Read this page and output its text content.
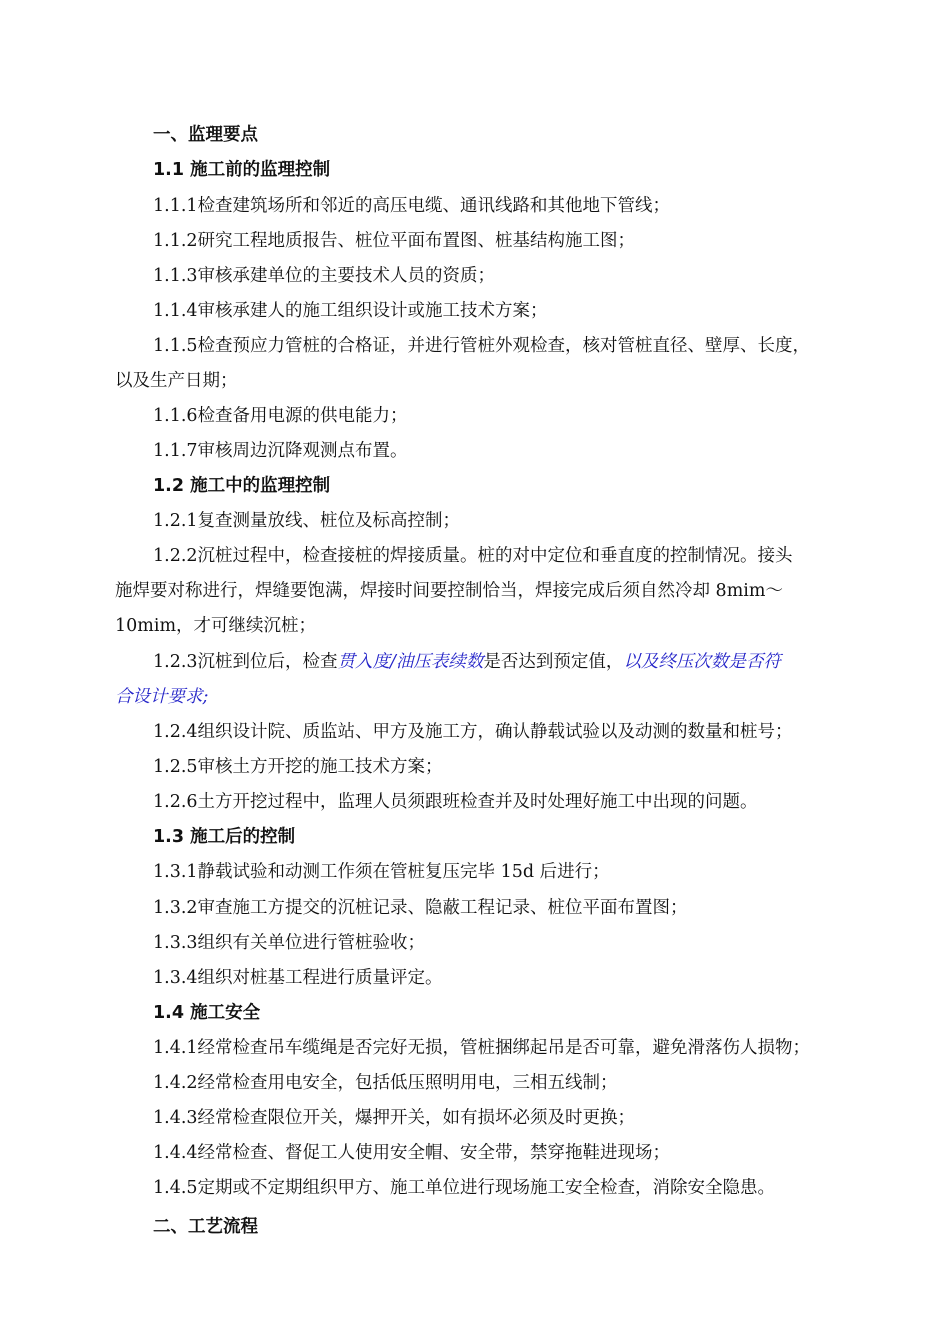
一、监理要点
1.1 施工前的监理控制
1.1.1检查建筑场所和邻近的高压电缆、通讯线路和其他地下管线；
1.1.2研究工程地质报告、桩位平面布置图、桩基结构施工图；
1.1.3审核承建单位的主要技术人员的资质；
1.1.4审核承建人的施工组织设计或施工技术方案；
1.1.5检查预应力管桩的合格证，并进行管桩外观检查，核对管桩直径、壁厚、长度，
以及生产日期；
1.1.6检查备用电源的供电能力；
1.1.7审核周边沉降观测点布置。
1.2 施工中的监理控制
1.2.1复查测量放线、桩位及标高控制；
1.2.2沉桩过程中，检查接桩的焊接质量。桩的对中定位和垂直度的控制情况。接头
施焊要对称进行，焊缝要饱满，焊接时间要控制恰当，焊接完成后须自然冷却 8mim～
10mim，才可继续沉桩；
1.2.3沉桩到位后，检查贯入度/油压表续数是否达到预定值，以及终压次数是否符
合设计要求;
1.2.4组织设计院、质监站、甲方及施工方，确认静载试验以及动测的数量和桩号；
1.2.5审核土方开挖的施工技术方案；
1.2.6土方开挖过程中，监理人员须跟班检查并及时处理好施工中出现的问题。
1.3 施工后的控制
1.3.1静载试验和动测工作须在管桩复压完毕 15d 后进行；
1.3.2审查施工方提交的沉桩记录、隐蔽工程记录、桩位平面布置图；
1.3.3组织有关单位进行管桩验收；
1.3.4组织对桩基工程进行质量评定。
1.4 施工安全
1.4.1经常检查吊车缆绳是否完好无损，管桩捆绑起吊是否可靠，避免滑落伤人损物；
1.4.2经常检查用电安全，包括低压照明用电，三相五线制；
1.4.3经常检查限位开关，爆押开关，如有损坏必须及时更换；
1.4.4经常检查、督促工人使用安全帽、安全带，禁穿拖鞋进现场；
1.4.5定期或不定期组织甲方、施工单位进行现场施工安全检查，消除安全隐患。
二、工艺流程
